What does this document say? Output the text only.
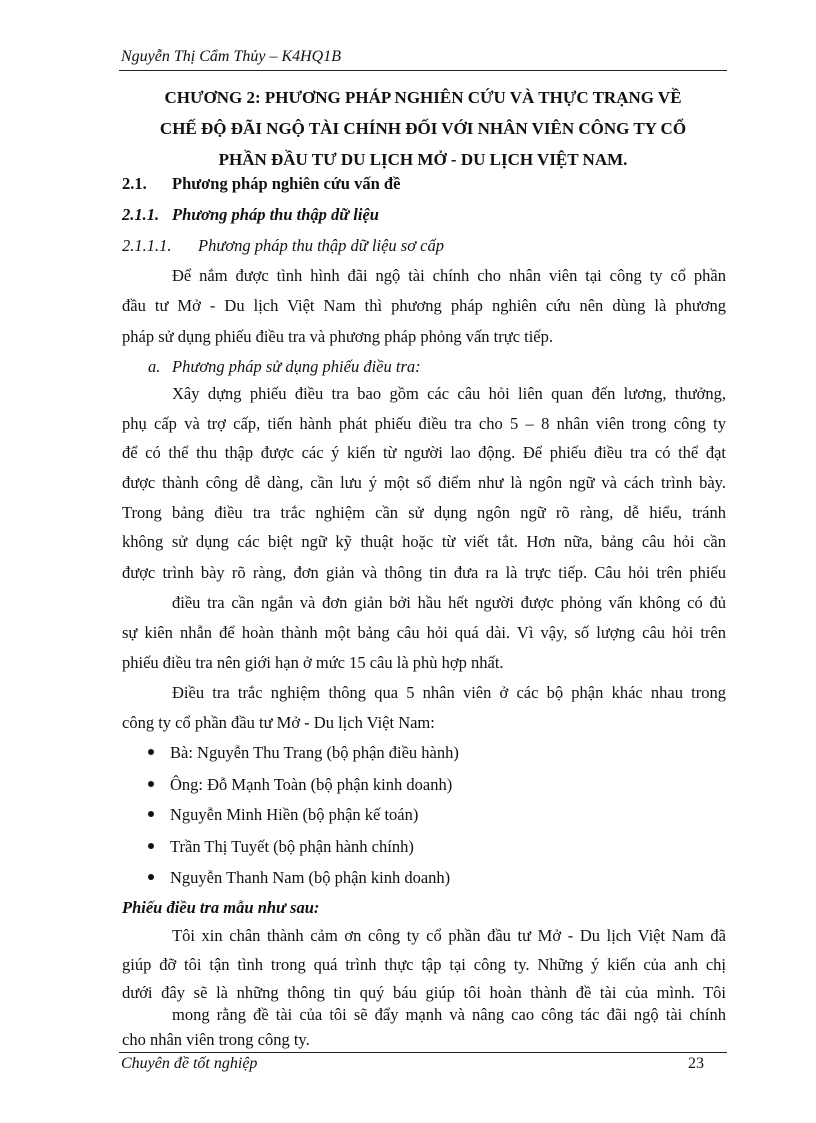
Nguyễn Thị Cẩm Thủy – K4HQ1B
CHƯƠNG 2: PHƯƠNG PHÁP NGHIÊN CỨU VÀ THỰC TRẠNG VỀ
CHẾ ĐỘ ĐÃI NGỘ TÀI CHÍNH ĐỐI VỚI NHÂN VIÊN CÔNG TY CỔ
PHẦN ĐẦU TƯ DU LỊCH MỞ - DU LỊCH VIỆT NAM.
2.1. Phương pháp nghiên cứu vấn đề
2.1.1. Phương pháp thu thập dữ liệu
2.1.1.1. Phương pháp thu thập dữ liệu sơ cấp
Để nắm được tình hình đãi ngộ tài chính cho nhân viên tại công ty cổ phần
đầu tư Mở - Du lịch Việt Nam thì phương pháp nghiên cứu nên dùng là phương
pháp sử dụng phiếu điều tra và phương pháp phỏng vấn trực tiếp.
a. Phương pháp sử dụng phiếu điều tra:
Xây dựng phiếu điều tra bao gồm các câu hỏi liên quan đến lương, thưởng,
phụ cấp và trợ cấp, tiến hành phát phiếu điều tra cho 5 – 8 nhân viên trong công ty
để có thể thu thập được các ý kiến từ người lao động. Để phiếu điều tra có thể đạt
được thành công dễ dàng, cần lưu ý một số điểm như là ngôn ngữ và cách trình bày.
Trong bảng điều tra trắc nghiệm cần sử dụng ngôn ngữ rõ ràng, dễ hiểu, tránh
không sử dụng các biệt ngữ kỹ thuật hoặc từ viết tắt. Hơn nữa, bảng câu hỏi cần
được trình bày rõ ràng, đơn giản và thông tin đưa ra là trực tiếp. Câu hỏi trên phiếu
điều tra cần ngắn và đơn giản bởi hầu hết người được phỏng vấn không có đủ
sự kiên nhẫn để hoàn thành một bảng câu hỏi quá dài. Vì vậy, số lượng câu hỏi trên
phiếu điều tra nên giới hạn ở mức 15 câu là phù hợp nhất.
Điều tra trắc nghiệm thông qua 5 nhân viên ở các bộ phận khác nhau trong
công ty cổ phần đầu tư Mở - Du lịch Việt Nam:
Bà: Nguyễn Thu Trang (bộ phận điều hành)
Ông: Đỗ Mạnh Toàn (bộ phận kinh doanh)
Nguyễn Minh Hiền (bộ phận kế toán)
Trần Thị Tuyết (bộ phận hành chính)
Nguyễn Thanh Nam (bộ phận kinh doanh)
Phiếu điều tra mẫu như sau:
Tôi xin chân thành cảm ơn công ty cổ phần đầu tư Mở - Du lịch Việt Nam đã
giúp đỡ tôi tận tình trong quá trình thực tập tại công ty. Những ý kiến của anh chị
dưới đây sẽ là những thông tin quý báu giúp tôi hoàn thành đề tài của mình. Tôi
mong rằng đề tài của tôi sẽ đẩy mạnh và nâng cao công tác đãi ngộ tài chính
cho nhân viên trong công ty.
Chuyên đề tốt nghiệp	23
